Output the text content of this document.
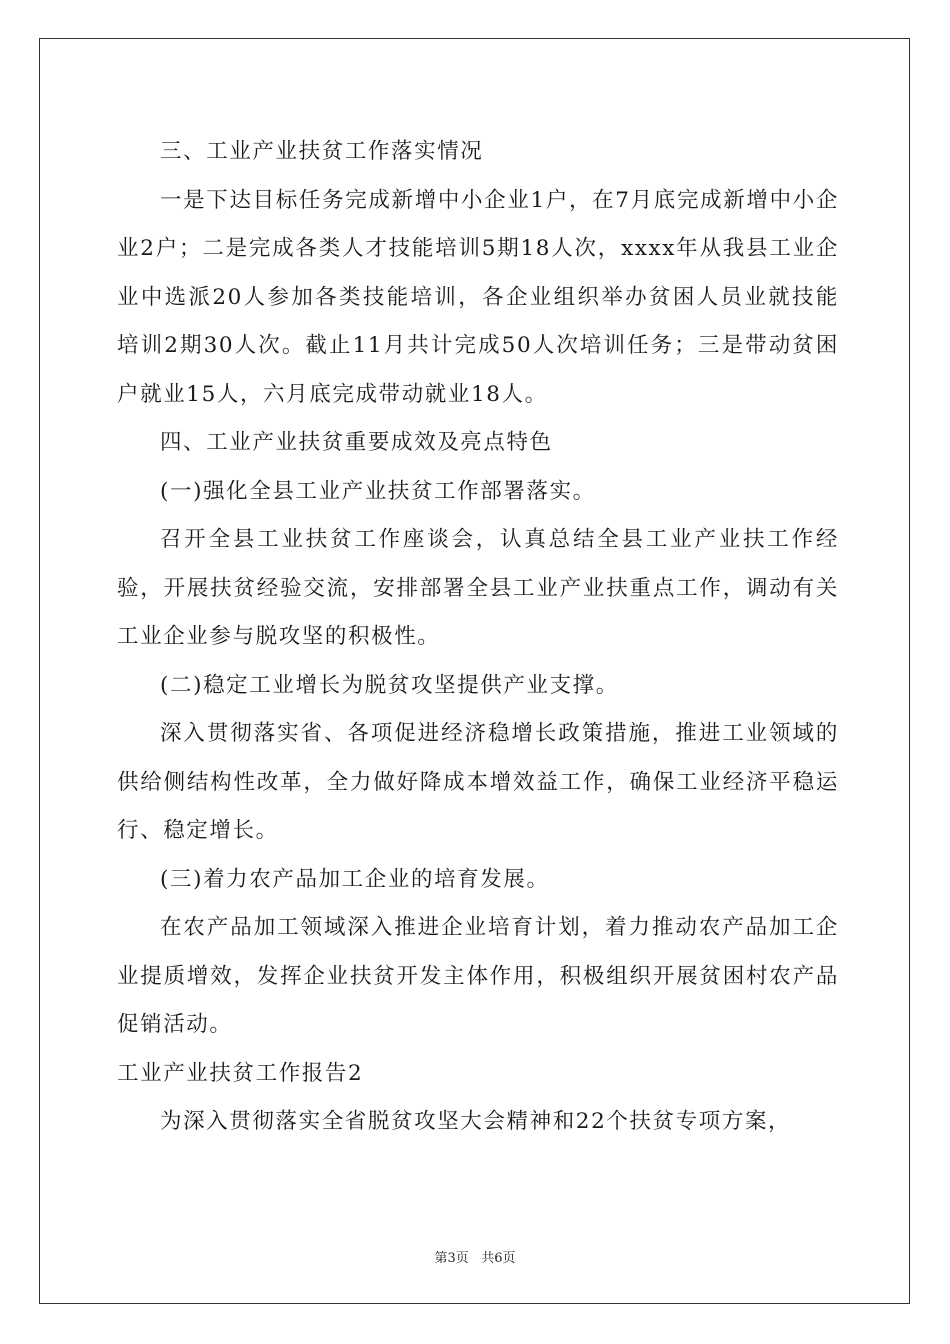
三、工业产业扶贫工作落实情况

一是下达目标任务完成新增中小企业1户，在7月底完成新增中小企业2户；二是完成各类人才技能培训5期18人次，xxxx年从我县工业企业中选派20人参加各类技能培训，各企业组织举办贫困人员业就技能培训2期30人次。截止11月共计完成50人次培训任务；三是带动贫困户就业15人，六月底完成带动就业18人。

四、工业产业扶贫重要成效及亮点特色

(一)强化全县工业产业扶贫工作部署落实。

召开全县工业扶贫工作座谈会，认真总结全县工业产业扶工作经验，开展扶贫经验交流，安排部署全县工业产业扶重点工作，调动有关工业企业参与脱攻坚的积极性。

(二)稳定工业增长为脱贫攻坚提供产业支撑。

深入贯彻落实省、各项促进经济稳增长政策措施，推进工业领域的供给侧结构性改革，全力做好降成本增效益工作，确保工业经济平稳运行、稳定增长。

(三)着力农产品加工企业的培育发展。

在农产品加工领域深入推进企业培育计划，着力推动农产品加工企业提质增效，发挥企业扶贫开发主体作用，积极组织开展贫困村农产品促销活动。

工业产业扶贫工作报告2

为深入贯彻落实全省脱贫攻坚大会精神和22个扶贫专项方案，

第3页 共6页
